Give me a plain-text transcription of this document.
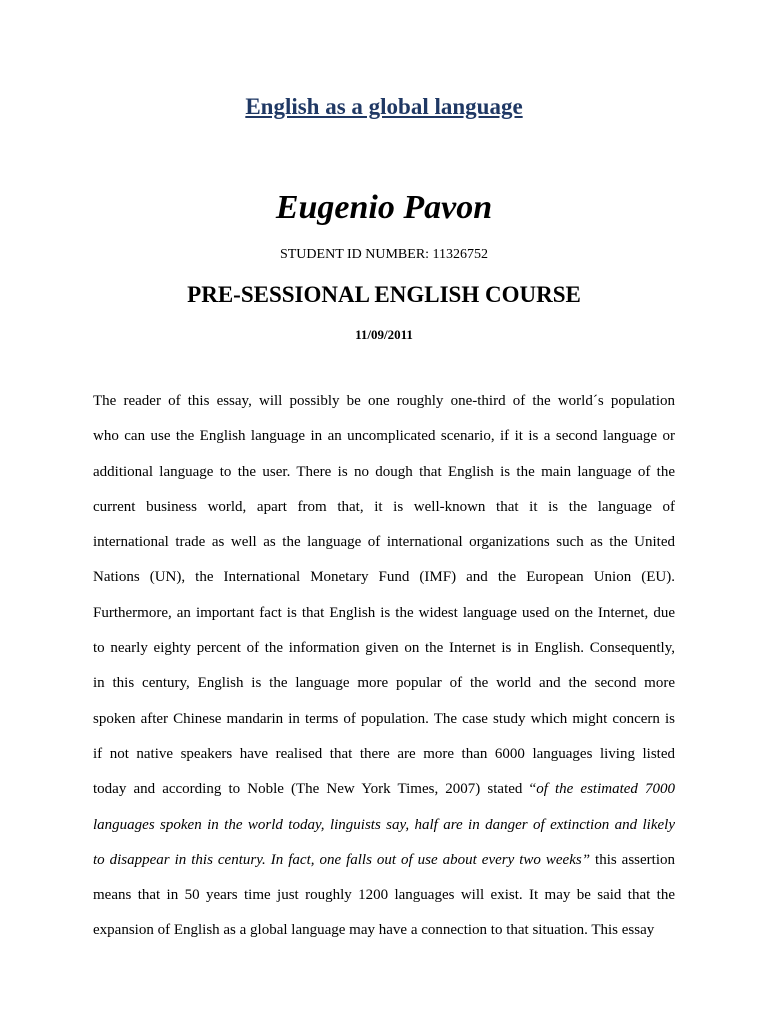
English as a global language
Eugenio Pavon
STUDENT ID NUMBER: 11326752
PRE-SESSIONAL ENGLISH COURSE
11/09/2011
The reader of this essay, will possibly be one roughly one-third of the world´s population
who can use the English language in an uncomplicated scenario, if it is a second language or
additional language to the user. There is no dough that English is the main language of the
current business world, apart from that, it is well-known that it is the language of
international trade as well as the language of international organizations such as the United
Nations (UN), the International Monetary Fund (IMF) and the European Union (EU).
Furthermore, an important fact is that English is the widest language used on the Internet, due
to nearly eighty percent of the information given on the Internet is in English. Consequently,
in this century, English is the language more popular of the world and the second more
spoken after Chinese mandarin in terms of population. The case study which might concern is
if not native speakers have realised that there are more than 6000 languages living listed
today and according to Noble (The New York Times, 2007) stated “of the estimated 7000
languages spoken in the world today, linguists say, half are in danger of extinction and likely
to disappear in this century. In fact, one falls out of use about every two weeks” this assertion
means that in 50 years time just roughly 1200 languages will exist. It may be said that the
expansion of English as a global language may have a connection to that situation. This essay
